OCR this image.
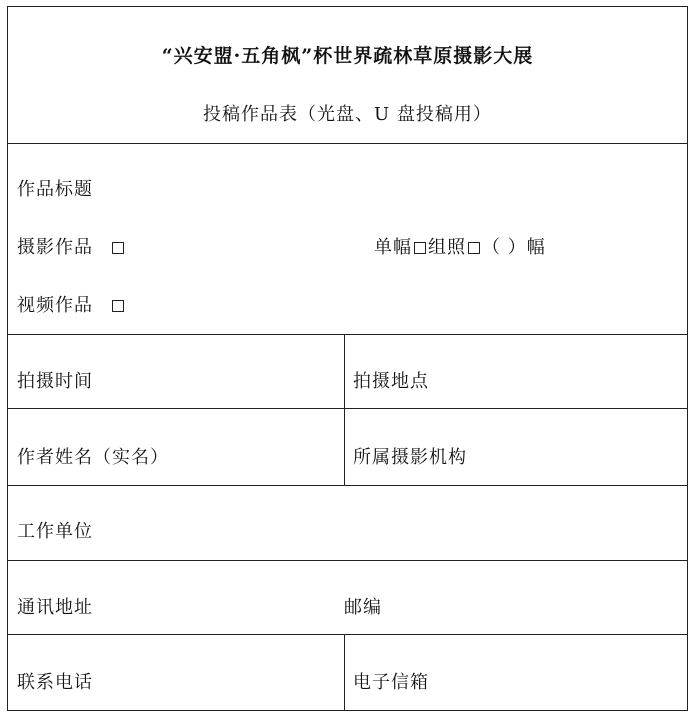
“兴安盟·五角枫”杯世界疏林草原摄影大展
投稿作品表（光盘、U 盘投稿用）
作品标题
摄影作品	单幅 组照 （ ）幅
视频作品
拍摄时间	拍摄地点
作者姓名（实名）	所属摄影机构
工作单位
通讯地址	邮编
联系电话	电子信箱
